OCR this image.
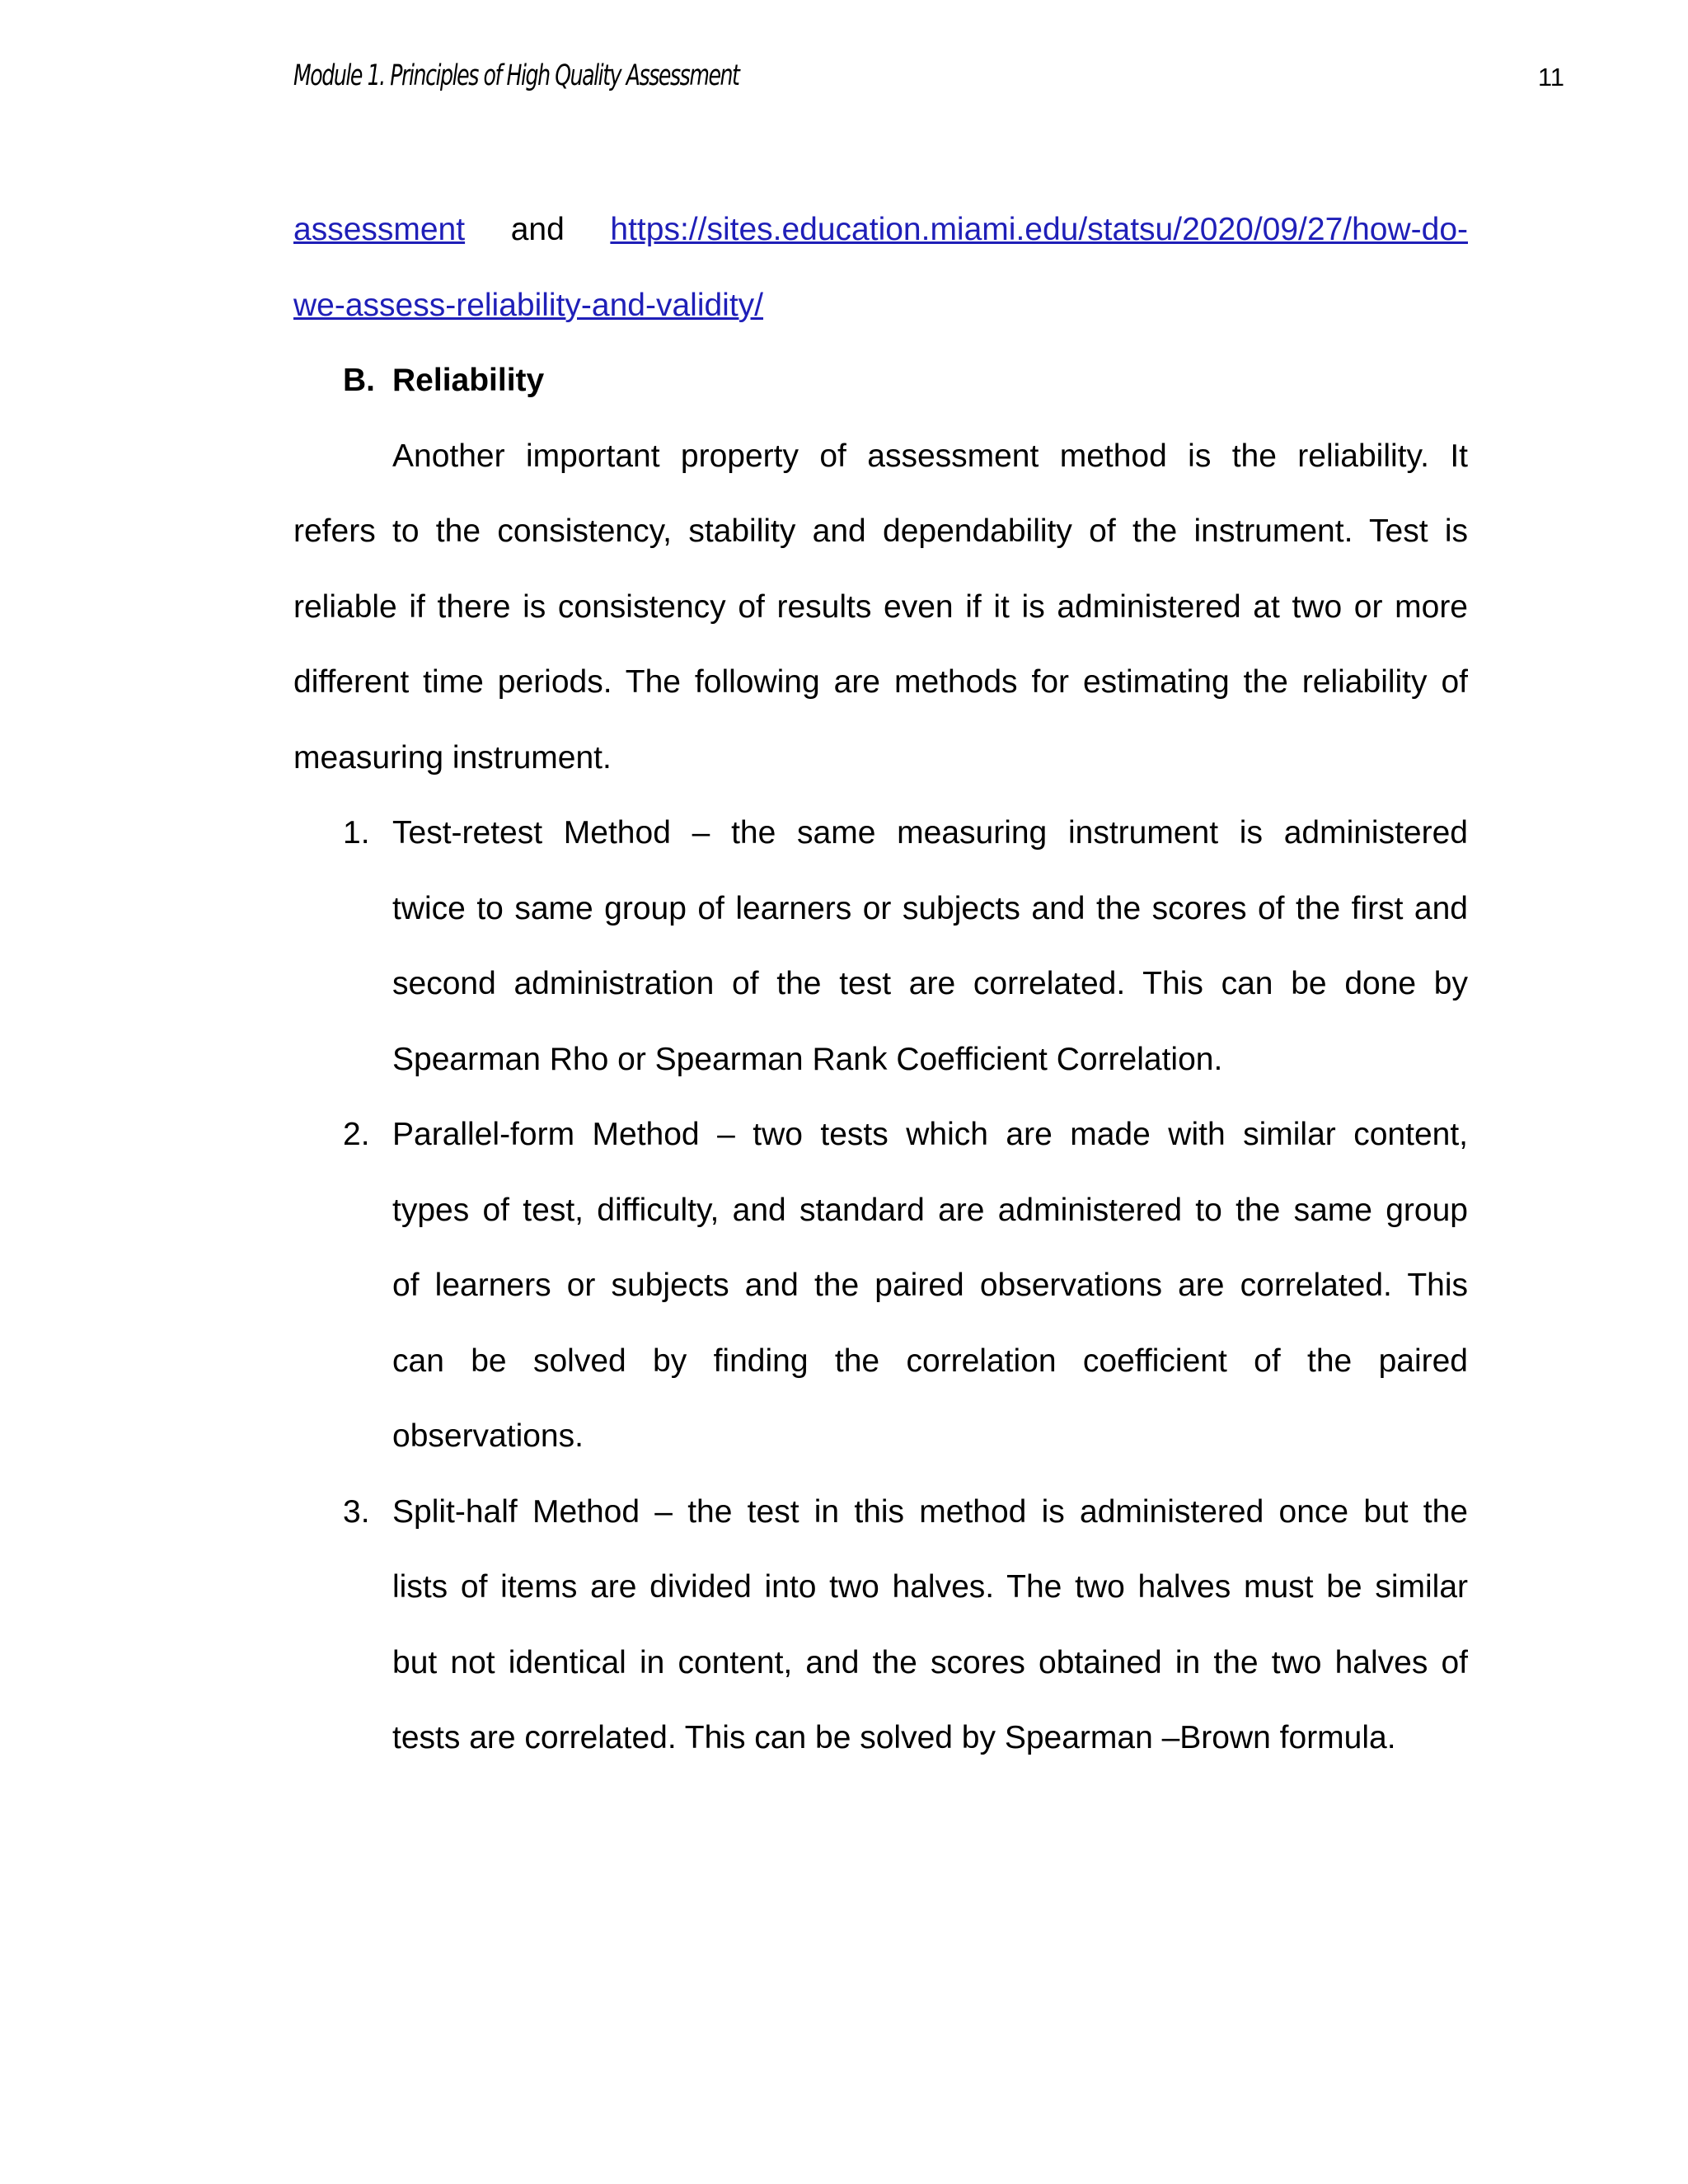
Module 1. Principles of High Quality Assessment	11
assessment and https://sites.education.miami.edu/statsu/2020/09/27/how-do-
we-assess-reliability-and-validity/
B. Reliability
Another important property of assessment method is the reliability. It
refers to the consistency, stability and dependability of the instrument. Test is
reliable if there is consistency of results even if it is administered at two or more
different time periods. The following are methods for estimating the reliability of
measuring instrument.
1. Test-retest Method – the same measuring instrument is administered
twice to same group of learners or subjects and the scores of the first and
second administration of the test are correlated. This can be done by
Spearman Rho or Spearman Rank Coefficient Correlation.
2. Parallel-form Method – two tests which are made with similar content,
types of test, difficulty, and standard are administered to the same group
of learners or subjects and the paired observations are correlated. This
can be solved by finding the correlation coefficient of the paired
observations.
3. Split-half Method – the test in this method is administered once but the
lists of items are divided into two halves. The two halves must be similar
but not identical in content, and the scores obtained in the two halves of
tests are correlated. This can be solved by Spearman –Brown formula.
